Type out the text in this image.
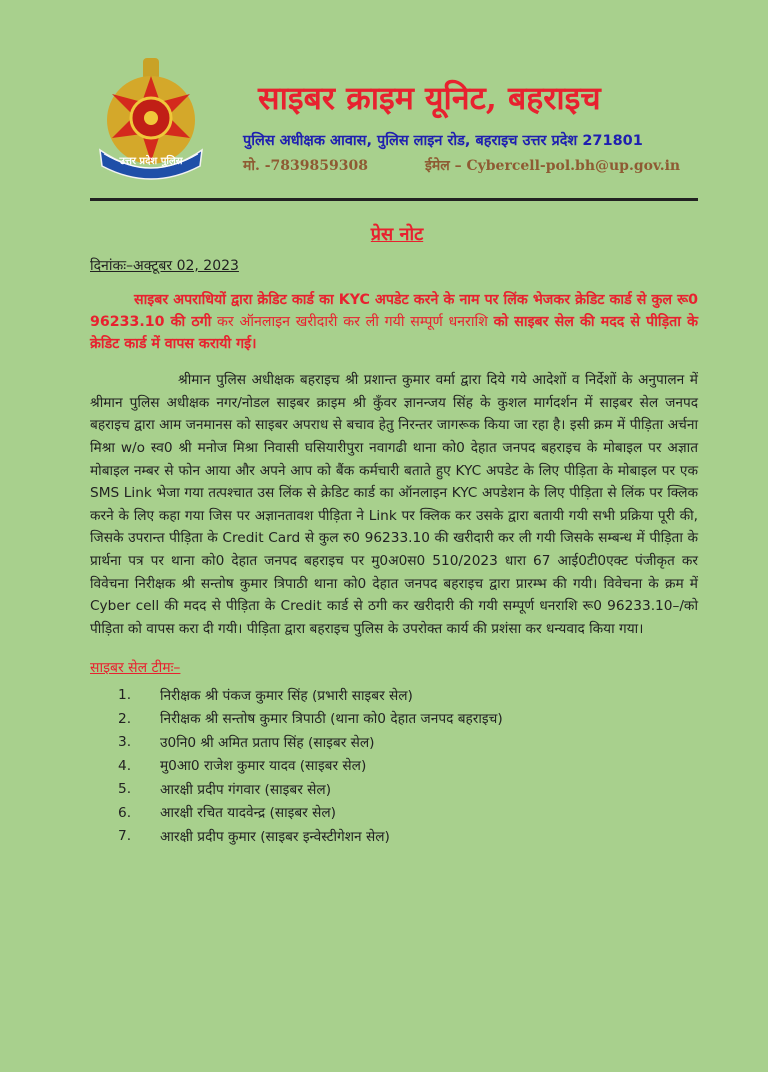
उत्तर प्रदेश पुलिस
साइबर क्राइम यूनिट, बहराइच
पुलिस अधीक्षक आवास, पुलिस लाइन रोड, बहराइच उत्तर प्रदेश 271801
मो. -7839859308	ईमेल – Cybercell-pol.bh@up.gov.in

प्रेस नोट

दिनांकः–अक्टूबर 02, 2023

साइबर अपराधियों द्वारा क्रेडिट कार्ड का KYC अपडेट करने के नाम पर लिंक भेजकर क्रेडिट कार्ड से कुल रू0 96233.10 की ठगी कर ऑनलाइन खरीदारी कर ली गयी सम्पूर्ण धनराशि को साइबर सेल की मदद से पीड़िता के क्रेडिट कार्ड में वापस करायी गई।

श्रीमान पुलिस अधीक्षक बहराइच श्री प्रशान्त कुमार वर्मा द्वारा दिये गये आदेशों व निर्देशों के अनुपालन में श्रीमान पुलिस अधीक्षक नगर/नोडल साइबर क्राइम श्री कुँवर ज्ञानन्जय सिंह के कुशल मार्गदर्शन में साइबर सेल जनपद बहराइच द्वारा आम जनमानस को साइबर अपराध से बचाव हेतु निरन्तर जागरूक किया जा रहा है। इसी क्रम में पीड़िता अर्चना मिश्रा w/o स्व0 श्री मनोज मिश्रा निवासी घसियारीपुरा नवागढी थाना को0 देहात जनपद बहराइच के मोबाइल पर अज्ञात मोबाइल नम्बर से फोन आया और अपने आप को बैंक कर्मचारी बताते हुए KYC अपडेट के लिए पीड़िता के मोबाइल पर एक SMS Link भेजा गया तत्पश्चात उस लिंक से क्रेडिट कार्ड का ऑनलाइन KYC अपडेशन के लिए पीड़िता से लिंक पर क्लिक करने के लिए कहा गया जिस पर अज्ञानतावश पीड़िता ने Link पर क्लिक कर उसके द्वारा बतायी गयी सभी प्रक्रिया पूरी की, जिसके उपरान्त पीड़िता के Credit Card से कुल रु0 96233.10 की खरीदारी कर ली गयी जिसके सम्बन्ध में पीड़िता के प्रार्थना पत्र पर थाना को0 देहात जनपद बहराइच पर मु0अ0स0 510/2023 धारा 67 आई0टी0एक्ट पंजीकृत कर विवेचना निरीक्षक श्री सन्तोष कुमार त्रिपाठी थाना को0 देहात जनपद बहराइच द्वारा प्रारम्भ की गयी। विवेचना के क्रम में Cyber cell की मदद से पीड़िता के Credit कार्ड से ठगी कर खरीदारी की गयी सम्पूर्ण धनराशि रू0 96233.10–/को पीड़िता को वापस करा दी गयी। पीड़िता द्वारा बहराइच पुलिस के उपरोक्त कार्य की प्रशंसा कर धन्यवाद किया गया।

साइबर सेल टीमः–
1.	निरीक्षक श्री पंकज कुमार सिंह (प्रभारी साइबर सेल)
2.	निरीक्षक श्री सन्तोष कुमार त्रिपाठी (थाना को0 देहात जनपद बहराइच)
3.	उ0नि0 श्री अमित प्रताप सिंह (साइबर सेल)
4.	मु0आ0 राजेश कुमार यादव (साइबर सेल)
5.	आरक्षी प्रदीप गंगवार (साइबर सेल)
6.	आरक्षी रचित यादवेन्द्र (साइबर सेल)
7.	आरक्षी प्रदीप कुमार (साइबर इन्वेस्टीगेशन सेल)
